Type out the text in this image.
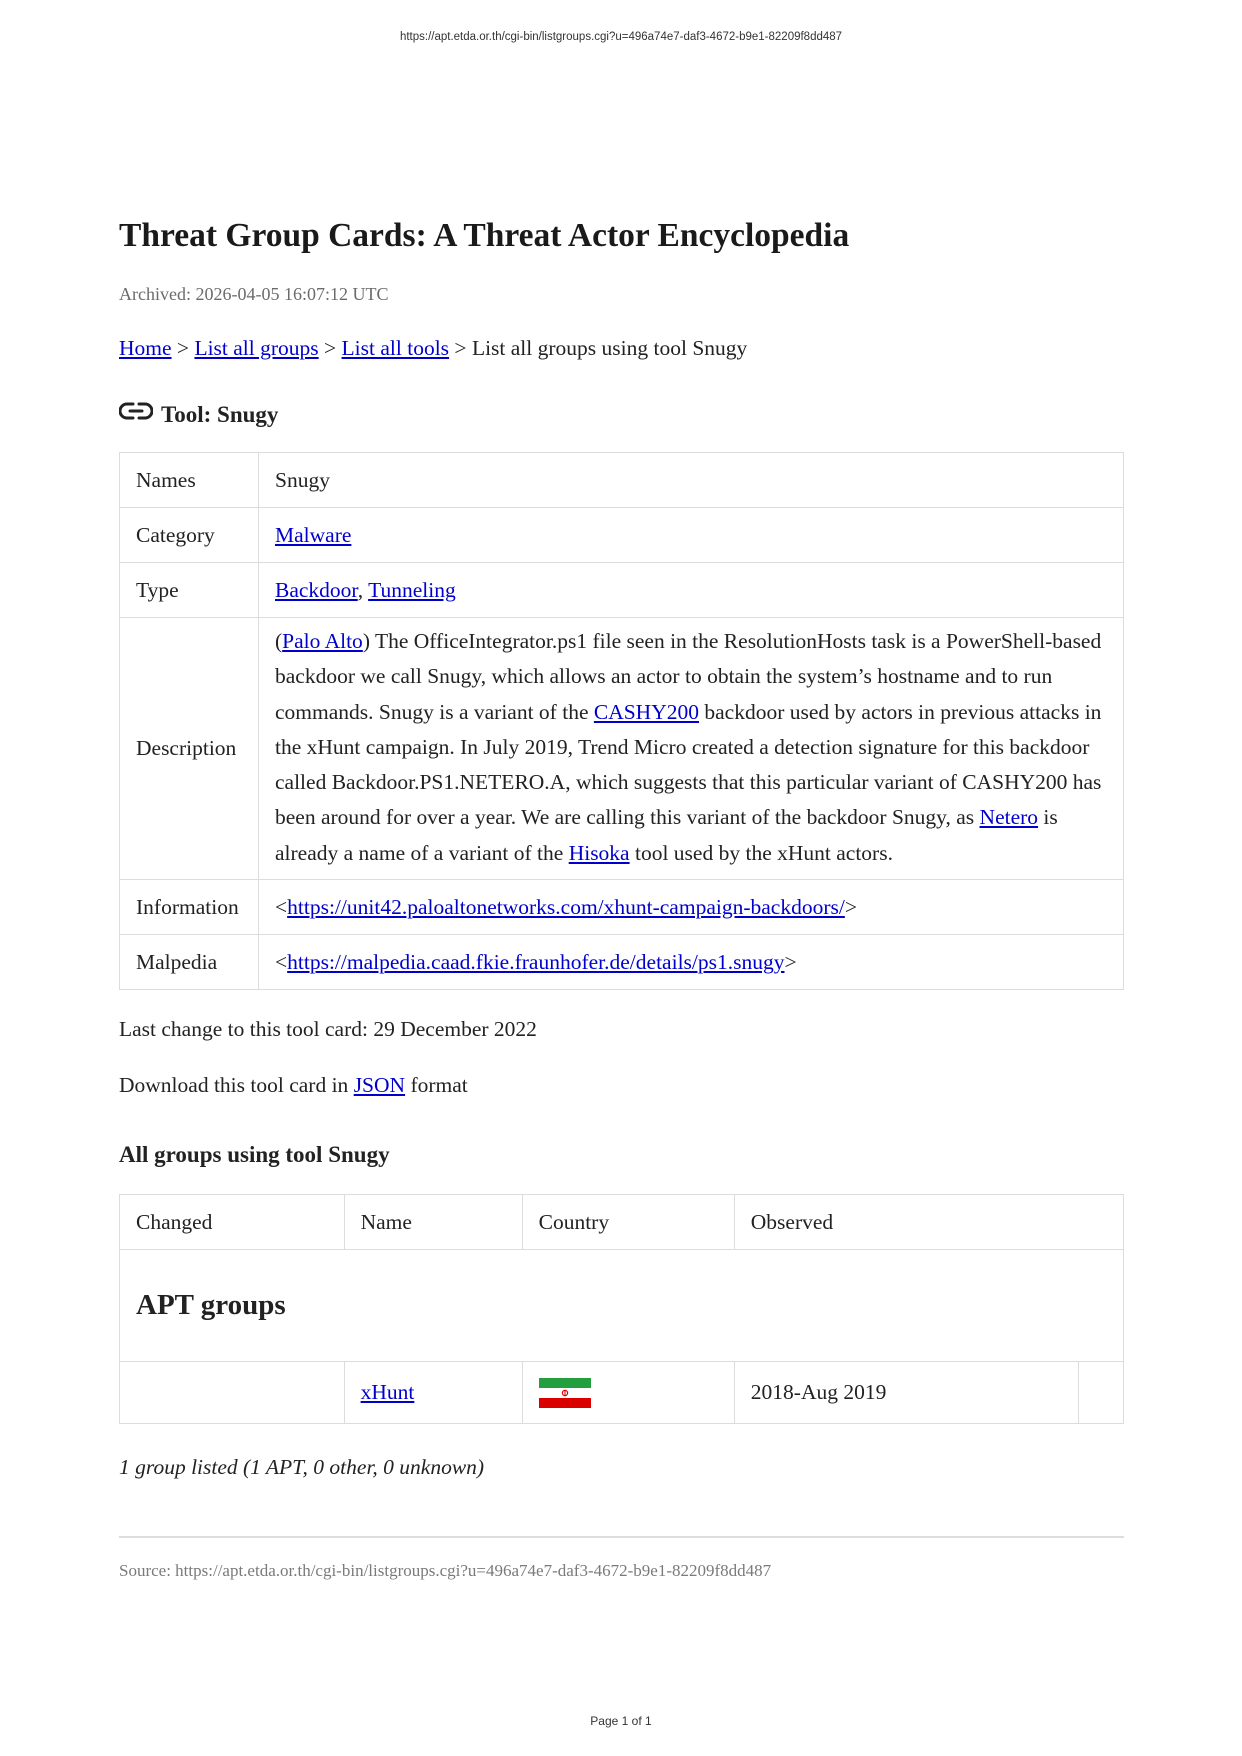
https://apt.etda.or.th/cgi-bin/listgroups.cgi?u=496a74e7-daf3-4672-b9e1-82209f8dd487
Threat Group Cards: A Threat Actor Encyclopedia
Archived: 2026-04-05 16:07:12 UTC
Home > List all groups > List all tools > List all groups using tool Snugy
Tool: Snugy
Names	Snugy
Category	Malware
Type	Backdoor, Tunneling
Description	(Palo Alto) The OfficeIntegrator.ps1 file seen in the ResolutionHosts task is a PowerShell-based backdoor we call Snugy, which allows an actor to obtain the system’s hostname and to run commands. Snugy is a variant of the CASHY200 backdoor used by actors in previous attacks in the xHunt campaign. In July 2019, Trend Micro created a detection signature for this backdoor called Backdoor.PS1.NETERO.A, which suggests that this particular variant of CASHY200 has been around for over a year. We are calling this variant of the backdoor Snugy, as Netero is already a name of a variant of the Hisoka tool used by the xHunt actors.
Information	<https://unit42.paloaltonetworks.com/xhunt-campaign-backdoors/>
Malpedia	<https://malpedia.caad.fkie.fraunhofer.de/details/ps1.snugy>
Last change to this tool card: 29 December 2022
Download this tool card in JSON format
All groups using tool Snugy
Changed	Name	Country	Observed	
APT groups				
	xHunt		2018-Aug 2019	
1 group listed (1 APT, 0 other, 0 unknown)
Source: https://apt.etda.or.th/cgi-bin/listgroups.cgi?u=496a74e7-daf3-4672-b9e1-82209f8dd487
Page 1 of 1
